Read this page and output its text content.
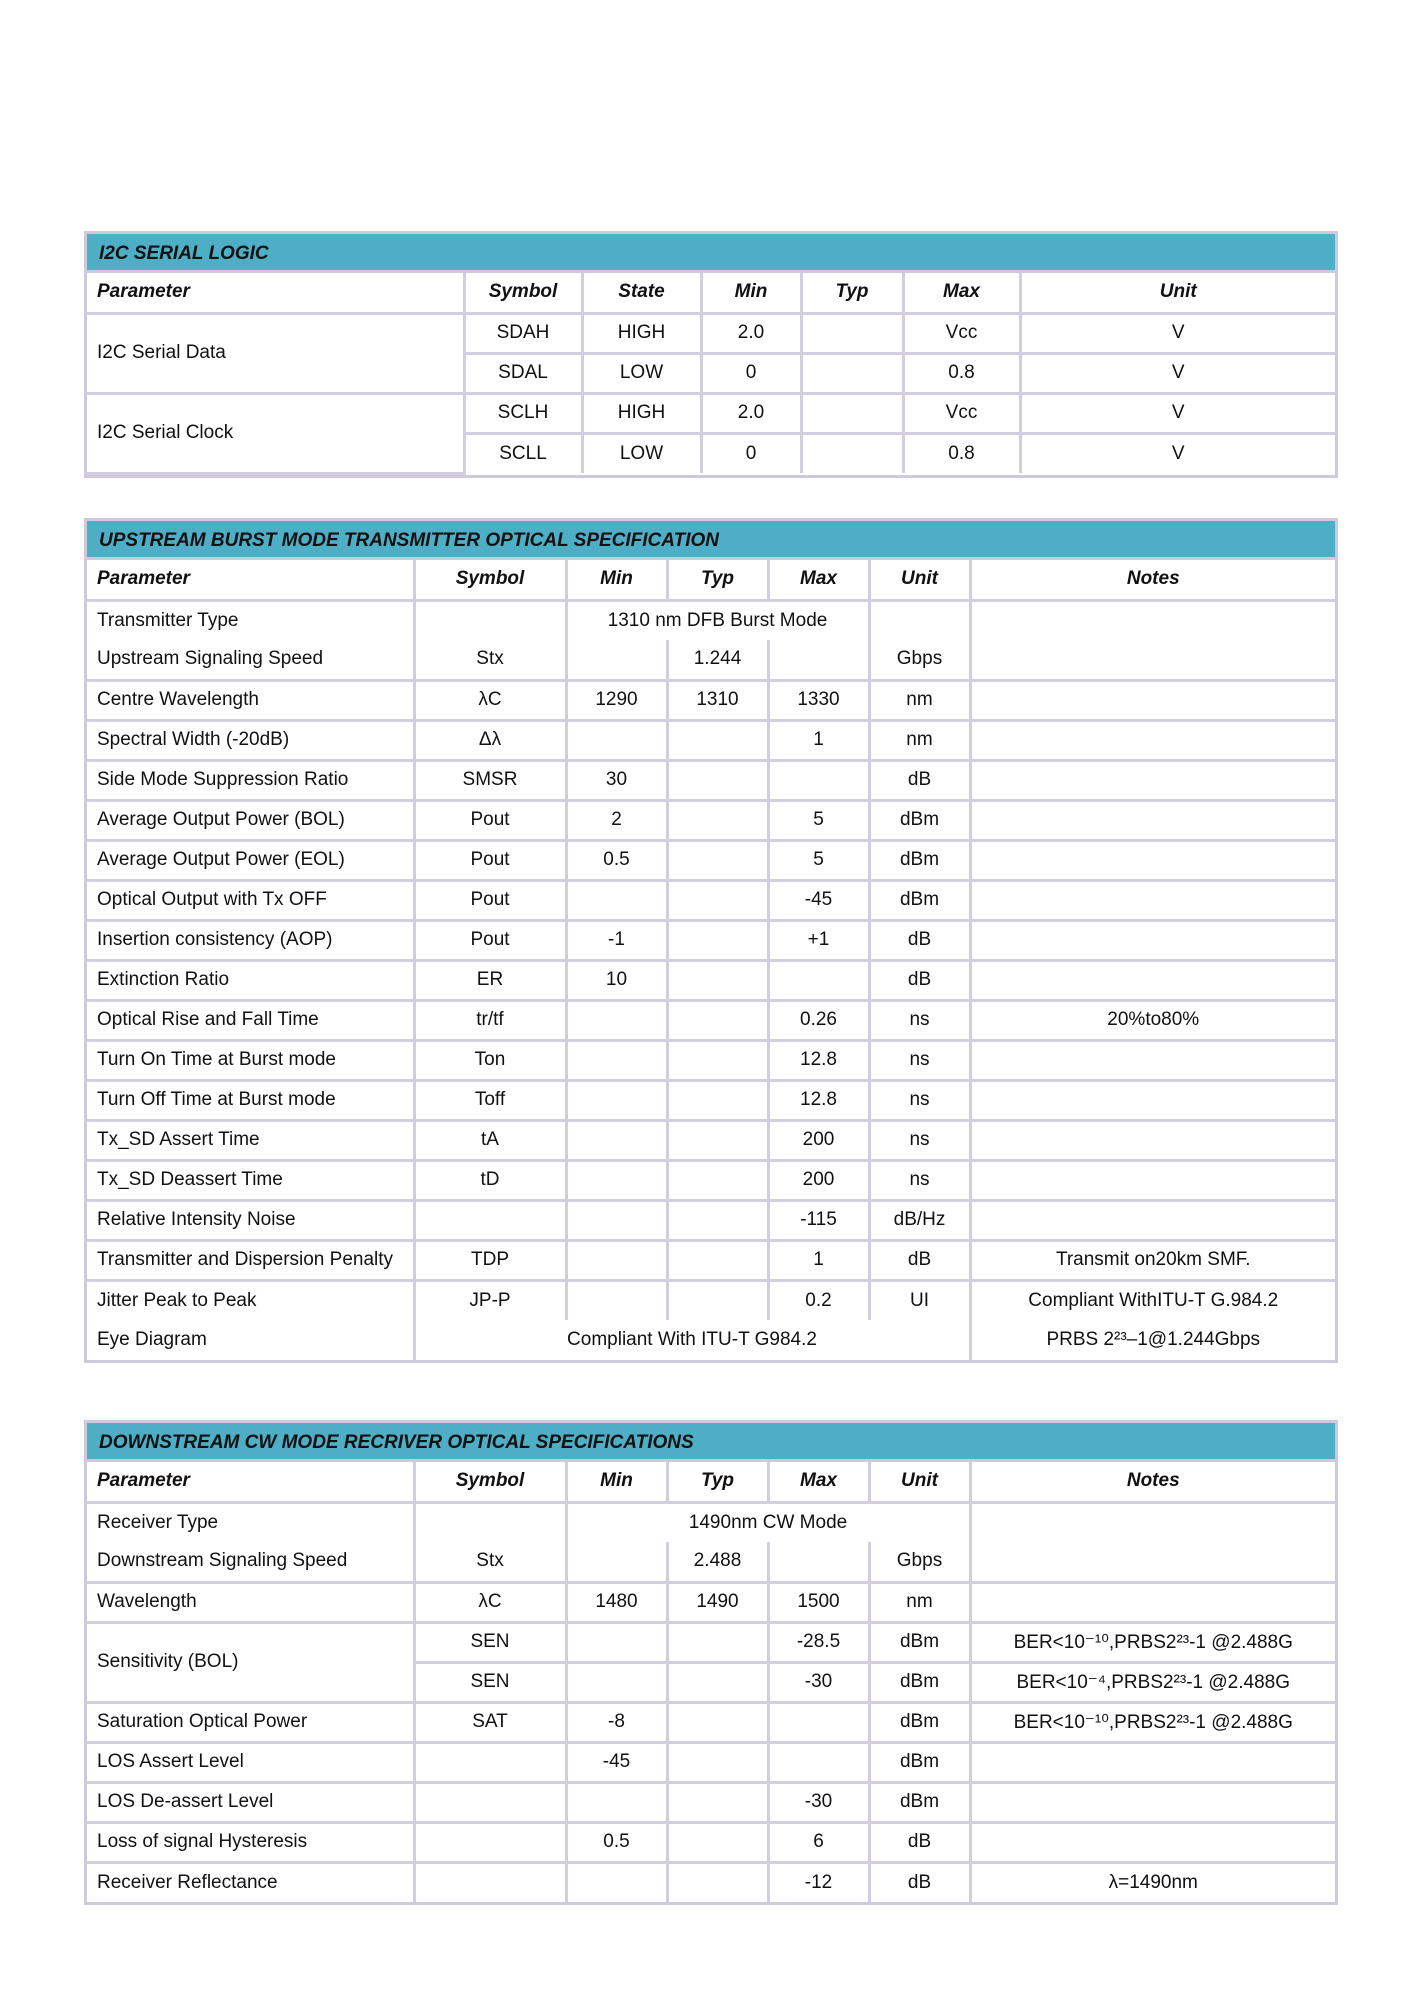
I2C SERIAL LOGIC
Parameter	Symbol	State	Min	Typ	Max	Unit
I2C Serial Data	SDAH	HIGH	2.0		Vcc	V
	SDAL	LOW	0		0.8	V
I2C Serial Clock	SCLH	HIGH	2.0		Vcc	V
	SCLL	LOW	0		0.8	V
UPSTREAM BURST MODE TRANSMITTER OPTICAL SPECIFICATION
Parameter	Symbol	Min	Typ	Max	Unit	Notes
Transmitter Type		1310 nm DFB Burst Mode				
Upstream Signaling Speed	Stx		1.244		Gbps	
Centre Wavelength	λC	1290	1310	1330	nm	
Spectral Width (-20dB)	Δλ			1	nm	
Side Mode Suppression Ratio	SMSR	30			dB	
Average Output Power (BOL)	Pout	2		5	dBm	
Average Output Power (EOL)	Pout	0.5		5	dBm	
Optical Output with Tx OFF	Pout			-45	dBm	
Insertion consistency (AOP)	Pout	-1		+1	dB	
Extinction Ratio	ER	10			dB	
Optical Rise and Fall Time	tr/tf			0.26	ns	20%to80%
Turn On Time at Burst mode	Ton			12.8	ns	
Turn Off Time at Burst mode	Toff			12.8	ns	
Tx_SD Assert Time	tA			200	ns	
Tx_SD Deassert Time	tD			200	ns	
Relative Intensity Noise				-115	dB/Hz	
Transmitter and Dispersion Penalty	TDP			1	dB	Transmit on20km SMF.
Jitter Peak to Peak	JP-P			0.2	UI	Compliant WithITU-T G.984.2
Eye Diagram	Compliant With ITU-T G984.2					PRBS 2²³–1@1.244Gbps
DOWNSTREAM CW MODE RECRIVER OPTICAL SPECIFICATIONS
Parameter	Symbol	Min	Typ	Max	Unit	Notes
Receiver Type		1490nm CW Mode				
Downstream Signaling Speed	Stx		2.488		Gbps	
Wavelength	λC	1480	1490	1500	nm	
Sensitivity (BOL)	SEN			-28.5	dBm	BER<10⁻¹⁰,PRBS2²³-1 @2.488G
	SEN			-30	dBm	BER<10⁻⁴,PRBS2²³-1 @2.488G
Saturation Optical Power	SAT	-8			dBm	BER<10⁻¹⁰,PRBS2²³-1 @2.488G
LOS Assert Level		-45			dBm	
LOS De-assert Level				-30	dBm	
Loss of signal Hysteresis		0.5		6	dB	
Receiver Reflectance				-12	dB	λ=1490nm
